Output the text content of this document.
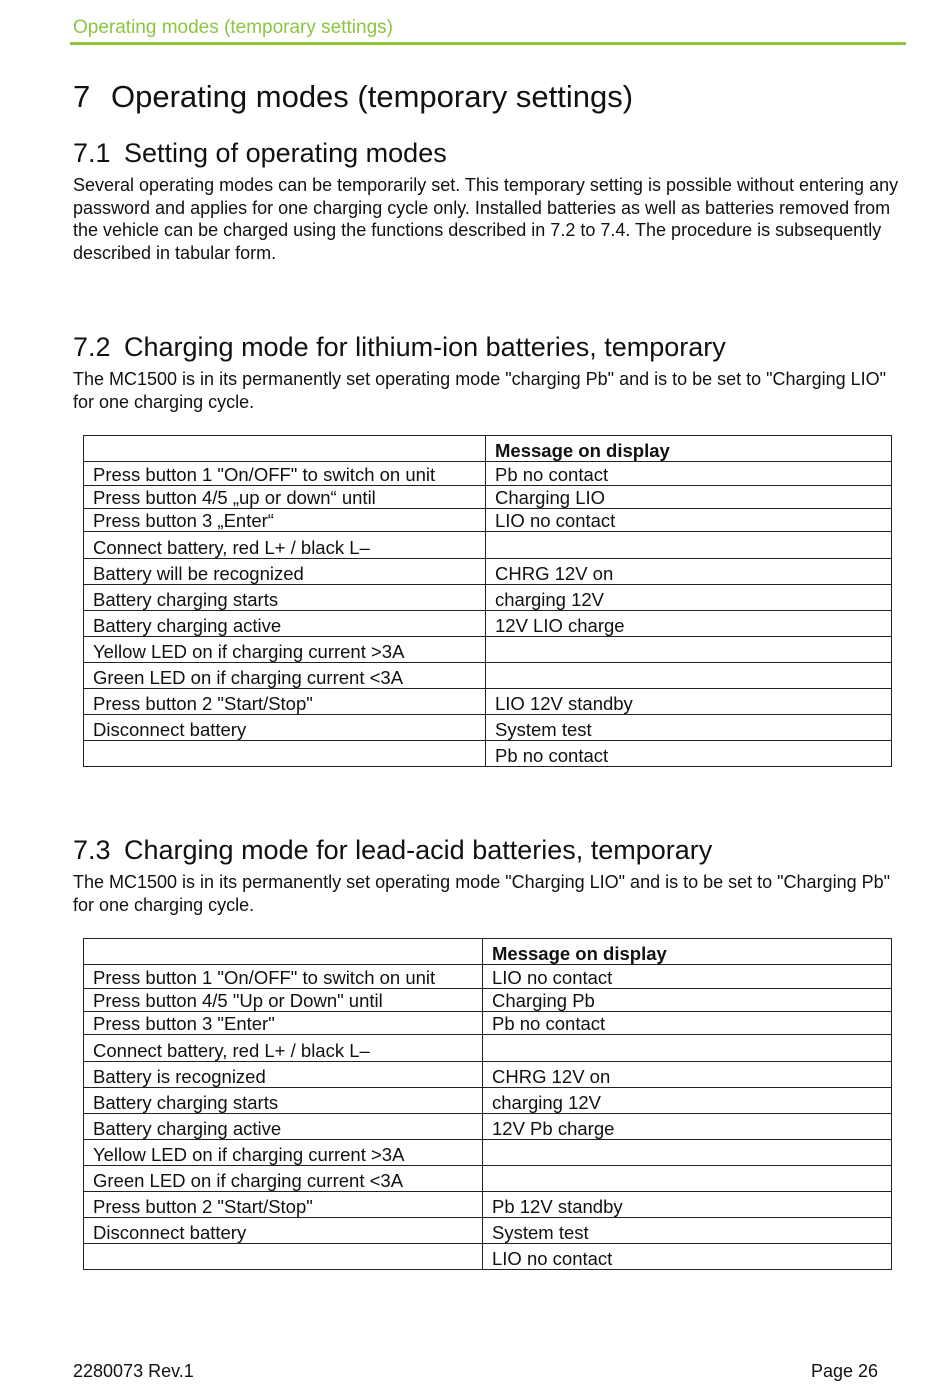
Operating modes (temporary settings)
7 Operating modes (temporary settings)
7.1 Setting of operating modes

Several operating modes can be temporarily set. This temporary setting is possible without entering any password and applies for one charging cycle only. Installed batteries as well as batteries removed from the vehicle can be charged using the functions described in 7.2 to 7.4. The procedure is subsequently described in tabular form.

7.2 Charging mode for lithium-ion batteries, temporary

The MC1500 is in its permanently set operating mode "charging Pb" and is to be set to "Charging LIO" for one charging cycle.

	Message on display
Press button 1 "On/OFF" to switch on unit	Pb no contact
Press button 4/5 „up or down“ until	Charging LIO
Press button 3 „Enter“	LIO no contact
Connect battery, red L+ / black L–	
Battery will be recognized	CHRG 12V on
Battery charging starts	charging 12V
Battery charging active	12V LIO charge
Yellow LED on if charging current >3A	
Green LED on if charging current <3A	
Press button 2 "Start/Stop"	LIO 12V standby
Disconnect battery	System test
	Pb no contact
7.3 Charging mode for lead-acid batteries, temporary

The MC1500 is in its permanently set operating mode "Charging LIO" and is to be set to "Charging Pb" for one charging cycle.

	Message on display
Press button 1 "On/OFF" to switch on unit	LIO no contact
Press button 4/5 "Up or Down" until	Charging Pb
Press button 3 "Enter"	Pb no contact
Connect battery, red L+ / black L–	
Battery is recognized	CHRG 12V on
Battery charging starts	charging 12V
Battery charging active	12V Pb charge
Yellow LED on if charging current >3A	
Green LED on if charging current <3A	
Press button 2 "Start/Stop"	Pb 12V standby
Disconnect battery	System test
	LIO no contact
2280073 Rev.1	Page 26
